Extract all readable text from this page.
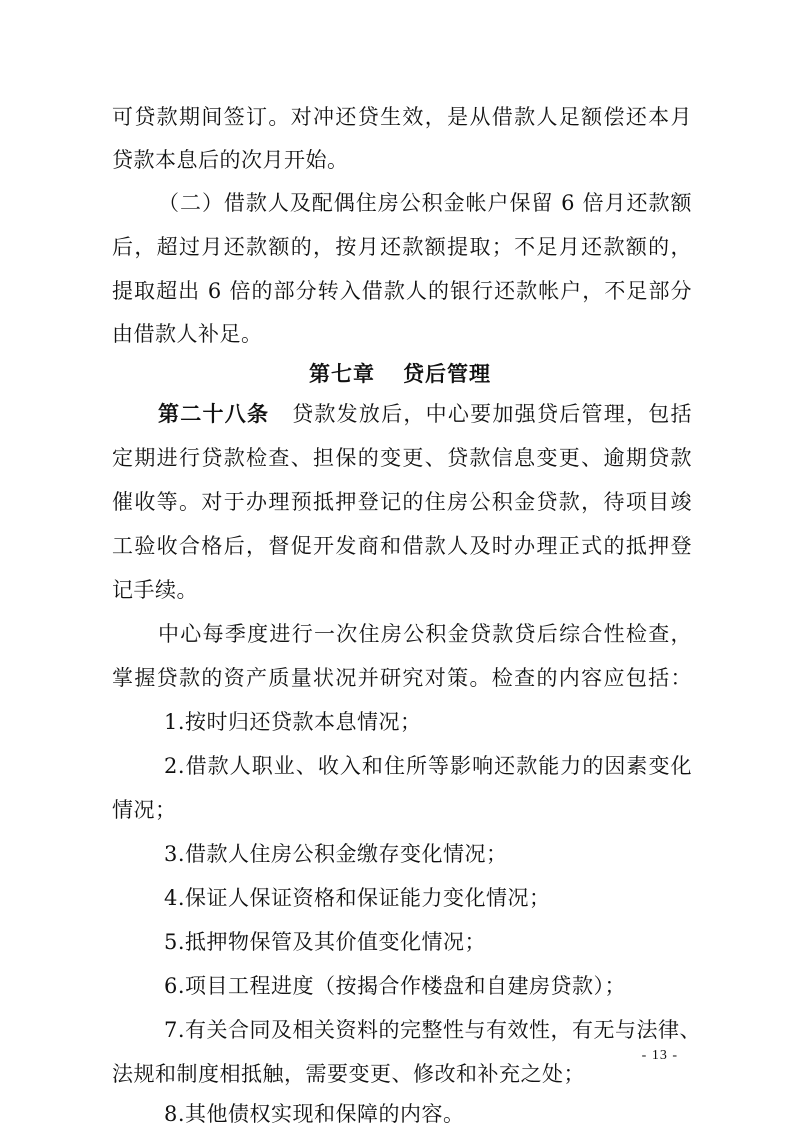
可贷款期间签订。对冲还贷生效，是从借款人足额偿还本月
贷款本息后的次月开始。
（二）借款人及配偶住房公积金帐户保留 6 倍月还款额
后，超过月还款额的，按月还款额提取；不足月还款额的，
提取超出 6 倍的部分转入借款人的银行还款帐户，不足部分
由借款人补足。
第七章 贷后管理
第二十八条 贷款发放后，中心要加强贷后管理，包括
定期进行贷款检查、担保的变更、贷款信息变更、逾期贷款
催收等。对于办理预抵押登记的住房公积金贷款，待项目竣
工验收合格后，督促开发商和借款人及时办理正式的抵押登
记手续。
中心每季度进行一次住房公积金贷款贷后综合性检查，
掌握贷款的资产质量状况并研究对策。检查的内容应包括：
1.按时归还贷款本息情况；
2.借款人职业、收入和住所等影响还款能力的因素变化
情况；
3.借款人住房公积金缴存变化情况；
4.保证人保证资格和保证能力变化情况；
5.抵押物保管及其价值变化情况；
6.项目工程进度（按揭合作楼盘和自建房贷款）；
7.有关合同及相关资料的完整性与有效性，有无与法律、
法规和制度相抵触，需要变更、修改和补充之处；
8.其他债权实现和保障的内容。
- 13 -
